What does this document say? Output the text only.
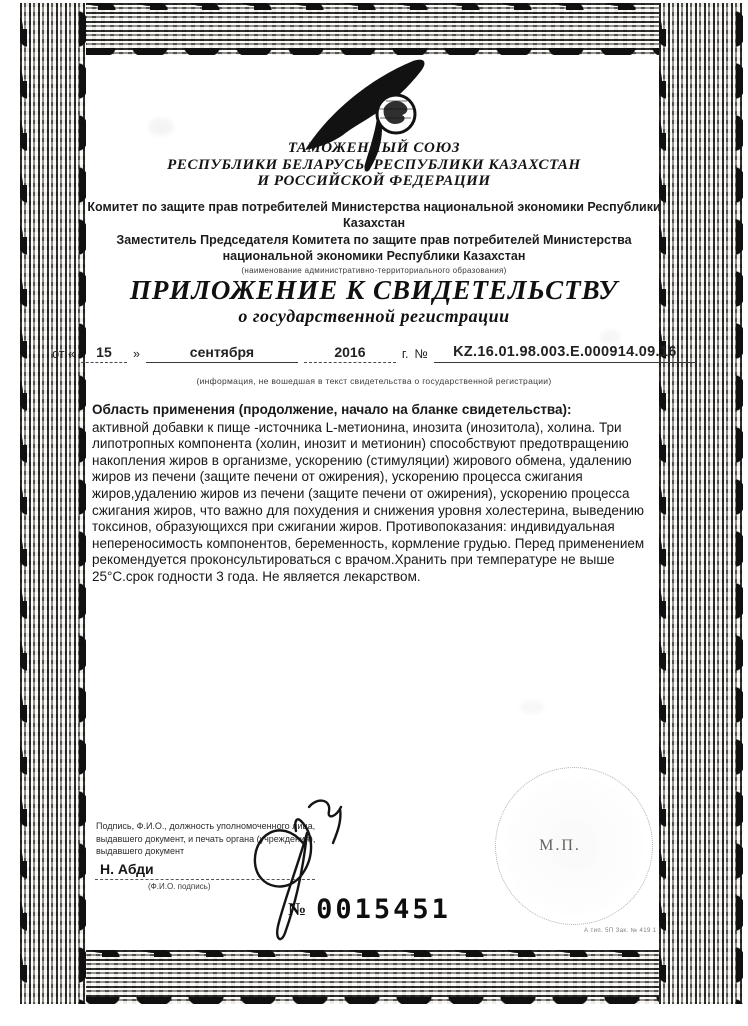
ТАМОЖЕННЫЙ СОЮЗ
РЕСПУБЛИКИ БЕЛАРУСЬ, РЕСПУБЛИКИ КАЗАХСТАН
И РОССИЙСКОЙ ФЕДЕРАЦИИ
Комитет по защите прав потребителей Министерства национальной экономики Республики Казахстан
Заместитель Председателя Комитета по защите прав потребителей Министерства национальной экономики Республики Казахстан
(наименование административно-территориального образования)
ПРИЛОЖЕНИЕ К СВИДЕТЕЛЬСТВУ
о государственной регистрации
от «	15	»	сентября	2016	г. №	KZ.16.01.98.003.E.000914.09.16
(информация, не вошедшая в текст свидетельства о государственной регистрации)
Область применения (продолжение, начало на бланке свидетельства):
активной добавки к пище -источника L-метионина, инозита (инозитола), холина. Три липотропных компонента (холин, инозит и метионин) способствуют предотвращению накопления жиров в организме, ускорению (стимуляции) жирового обмена, удалению жиров из печени (защите печени от ожирения), ускорению процесса сжигания жиров,удалению жиров из печени (защите печени от ожирения), ускорению процесса сжигания жиров, что важно для похудения и снижения уровня холестерина, выведению токсинов, образующихся при сжигании жиров. Противопоказания: индивидуальная непереносимость компонентов, беременность, кормление грудью. Перед применением рекомендуется проконсультироваться с врачом.Хранить при температуре не выше 25°С.срок годности 3 года. Не является лекарством.
Подпись, Ф.И.О., должность уполномоченного лица, выдавшего документ, и печать органа (учреждения), выдавшего документ
Н. Абди
(Ф.И.О. подпись)
М.П.
№ 0015451
А тип. 5П Зак. № 419 1
